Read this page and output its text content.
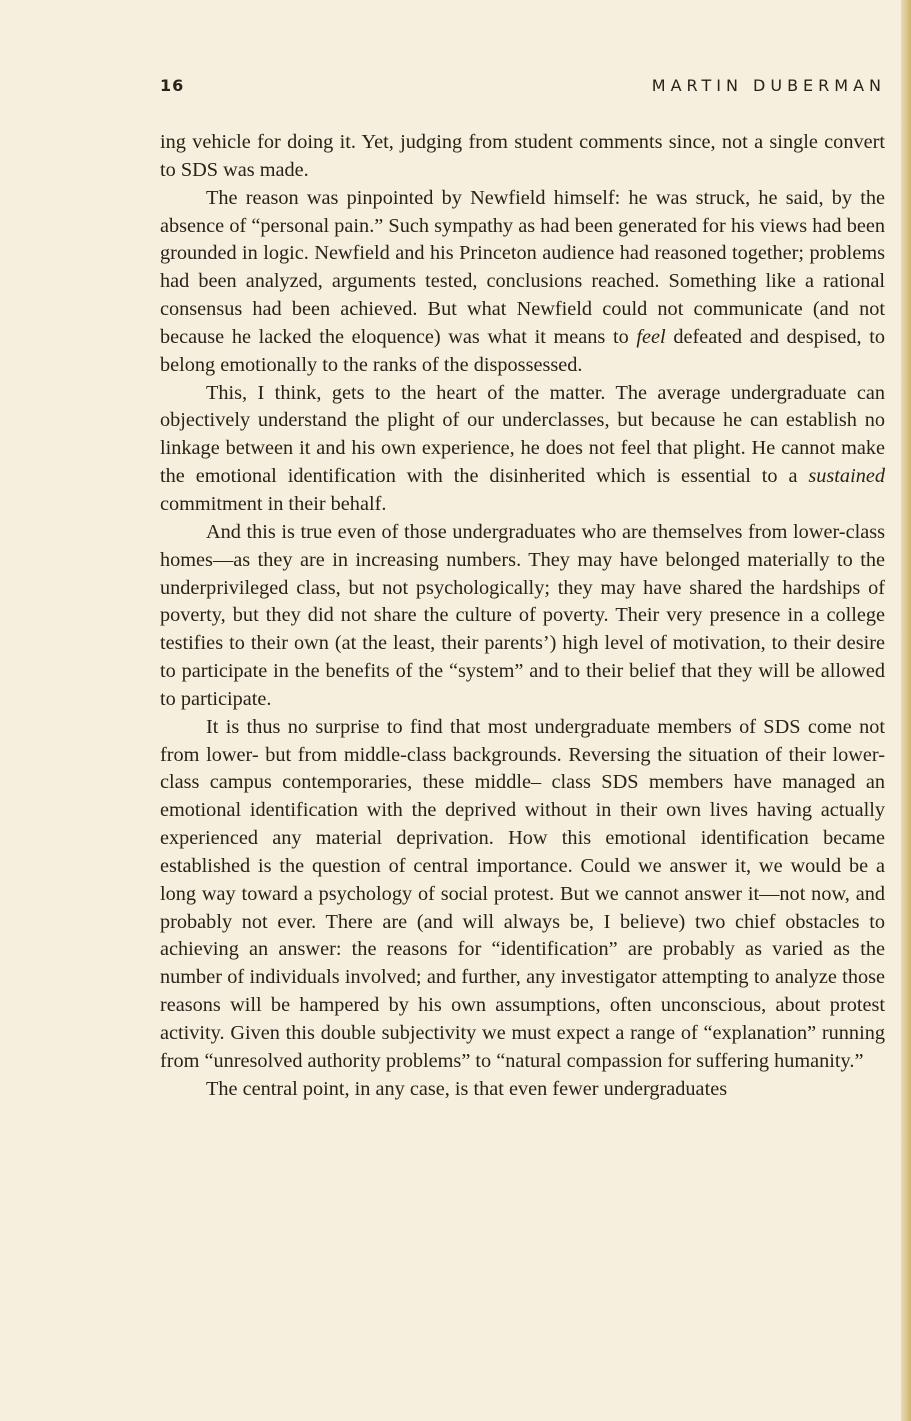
16	MARTIN DUBERMAN

ing vehicle for doing it. Yet, judging from student comments since, not a single convert to SDS was made.

The reason was pinpointed by Newfield himself: he was struck, he said, by the absence of “personal pain.” Such sympathy as had been generated for his views had been grounded in logic. Newfield and his Princeton audience had reasoned together; problems had been analyzed, arguments tested, conclusions reached. Something like a rational consensus had been achieved. But what Newfield could not communicate (and not because he lacked the eloquence) was what it means to feel defeated and despised, to belong emotionally to the ranks of the dispossessed.

This, I think, gets to the heart of the matter. The average undergraduate can objectively understand the plight of our underclasses, but because he can establish no linkage between it and his own experience, he does not feel that plight. He cannot make the emotional identification with the disinherited which is essential to a sustained commitment in their behalf.

And this is true even of those undergraduates who are themselves from lower-class homes—as they are in increasing numbers. They may have belonged materially to the underprivileged class, but not psychologically; they may have shared the hardships of poverty, but they did not share the culture of poverty. Their very presence in a college testifies to their own (at the least, their parents’) high level of motivation, to their desire to participate in the benefits of the “system” and to their belief that they will be allowed to participate.

It is thus no surprise to find that most undergraduate members of SDS come not from lower- but from middle-class backgrounds. Reversing the situation of their lower-class campus contemporaries, these middle– class SDS members have managed an emotional identification with the deprived without in their own lives having actually experienced any material deprivation. How this emotional identification became established is the question of central importance. Could we answer it, we would be a long way toward a psychology of social protest. But we cannot answer it—not now, and probably not ever. There are (and will always be, I believe) two chief obstacles to achieving an answer: the reasons for “identification” are probably as varied as the number of individuals involved; and further, any investigator attempting to analyze those reasons will be hampered by his own assumptions, often unconscious, about protest activity. Given this double subjectivity we must expect a range of “explanation” running from “unresolved authority problems” to “natural compassion for suffering humanity.”

The central point, in any case, is that even fewer undergraduates
